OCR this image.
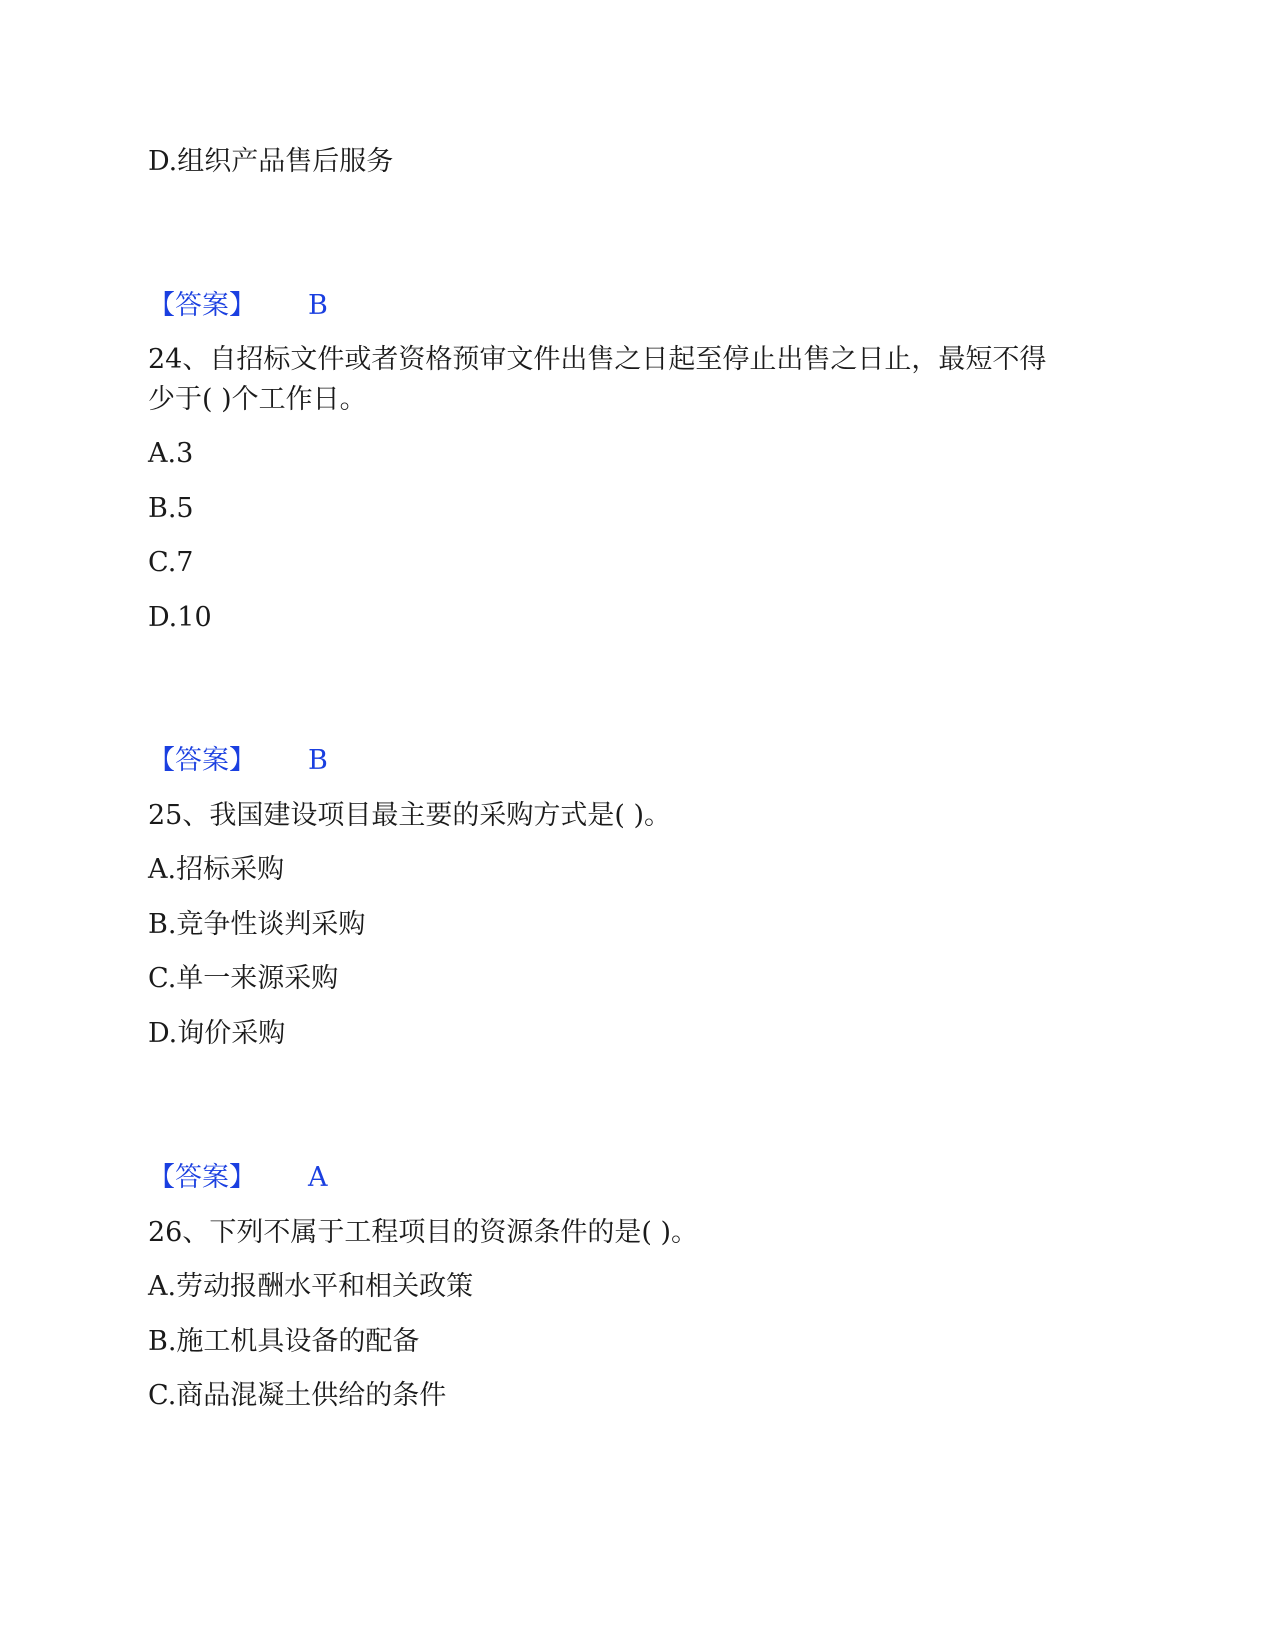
D.组织产品售后服务
【答案】 B
24、自招标文件或者资格预审文件出售之日起至停止出售之日止，最短不得
少于( )个工作日。
A.3
B.5
C.7
D.10
【答案】 B
25、我国建设项目最主要的采购方式是( )。
A.招标采购
B.竞争性谈判采购
C.单一来源采购
D.询价采购
【答案】 A
26、下列不属于工程项目的资源条件的是( )。
A.劳动报酬水平和相关政策
B.施工机具设备的配备
C.商品混凝土供给的条件
